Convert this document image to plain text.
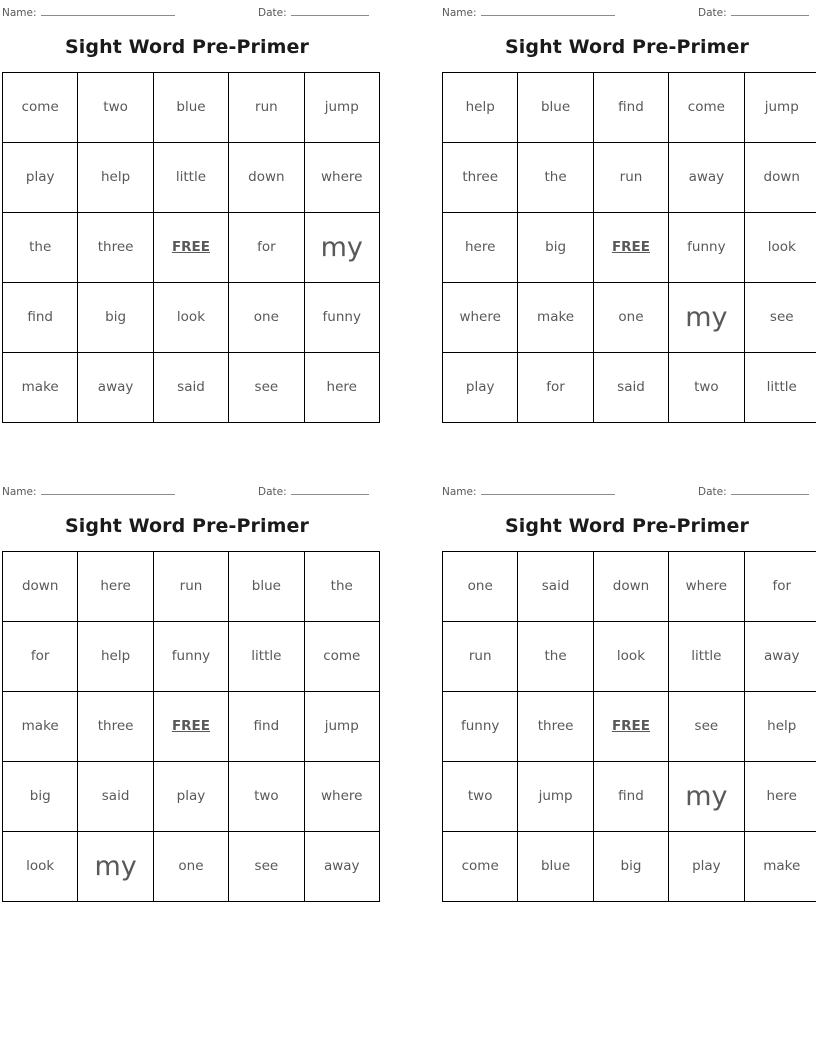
Name:	Date:
Sight Word Pre-Primer
come	two	blue	run	jump
play	help	little	down	where
the	three	FREE	for	my
find	big	look	one	funny
make	away	said	see	here
Name:	Date:
Sight Word Pre-Primer
help	blue	find	come	jump
three	the	run	away	down
here	big	FREE	funny	look
where	make	one	my	see
play	for	said	two	little
Name:	Date:
Sight Word Pre-Primer
down	here	run	blue	the
for	help	funny	little	come
make	three	FREE	find	jump
big	said	play	two	where
look	my	one	see	away
Name:	Date:
Sight Word Pre-Primer
one	said	down	where	for
run	the	look	little	away
funny	three	FREE	see	help
two	jump	find	my	here
come	blue	big	play	make
